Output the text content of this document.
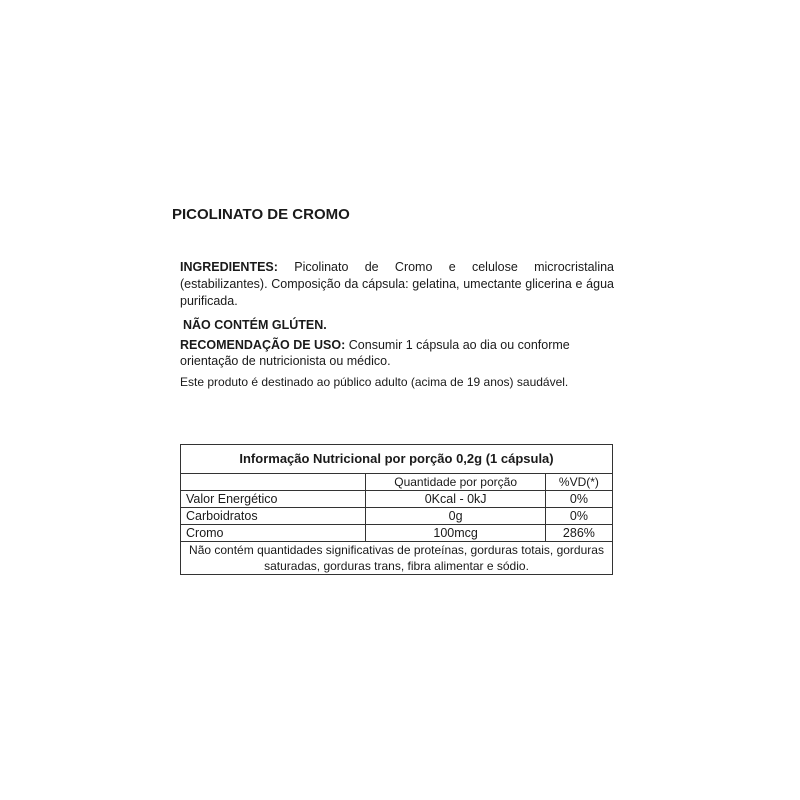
PICOLINATO DE CROMO
INGREDIENTES: Picolinato de Cromo e celulose microcristalina (estabilizantes). Composição da cápsula: gelatina, umectante glicerina e água purificada.
NÃO CONTÉM GLÚTEN.
RECOMENDAÇÃO DE USO: Consumir 1 cápsula ao dia ou conforme orientação de nutricionista ou médico.
Este produto é destinado ao público adulto (acima de 19 anos) saudável.
Informação Nutricional por porção 0,2g (1 cápsula)		
	Quantidade por porção	%VD(*)
Valor Energético	0Kcal - 0kJ	0%
Carboidratos	0g	0%
Cromo	100mcg	286%
Não contém quantidades significativas de proteínas, gorduras totais, gorduras saturadas, gorduras trans, fibra alimentar e sódio.		
